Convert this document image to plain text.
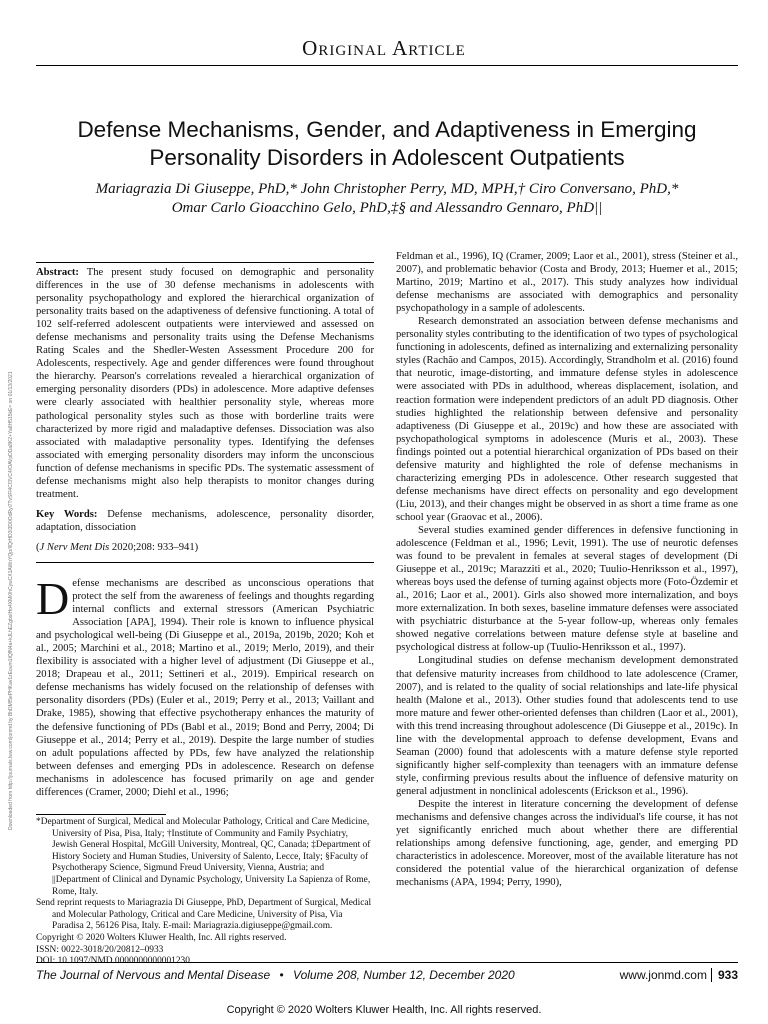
Original Article
Defense Mechanisms, Gender, and Adaptiveness in Emerging
Personality Disorders in Adolescent Outpatients
Mariagrazia Di Giuseppe, PhD,* John Christopher Perry, MD, MPH,† Ciro Conversano, PhD,*
Omar Carlo Gioacchino Gelo, PhD,‡§ and Alessandro Gennaro, PhD||
Downloaded from http://journals.lww.com/jonmd by BhDMf5ePHKav1zEoum1tQfN4a+kJLhEZgbsIHo4XMi0hCywCX1AWnYQp/IlQrHD3i3D0OdRyi7TvSFl4Cf3VC4/OAVpDDa8K2+Ya6H515kE= on 01/13/2021

Abstract: The present study focused on demographic and personality differences in the use of 30 defense mechanisms in adolescents with personality psychopathology and explored the hierarchical organization of personality traits based on the adaptiveness of defensive functioning. A total of 102 self-referred adolescent outpatients were interviewed and assessed on defense mechanisms and personality traits using the Defense Mechanisms Rating Scales and the Shedler-Westen Assessment Procedure 200 for Adolescents, respectively. Age and gender differences were found throughout the hierarchy. Pearson's correlations revealed a hierarchical organization of emerging personality disorders (PDs) in adolescence. More adaptive defenses were clearly associated with healthier personality style, whereas more pathological personality styles such as those with borderline traits were characterized by more rigid and maladaptive defenses. Dissociation was also associated with maladaptive personality types. Identifying the defenses associated with emerging personality disorders may inform the unconscious function of defense mechanisms in specific PDs. The systematic assessment of defense mechanisms might also help therapists to monitor changes during treatment.

Key Words: Defense mechanisms, adolescence, personality disorder, adaptation, dissociation

(J Nerv Ment Dis 2020;208: 933–941)

Defense mechanisms are described as unconscious operations that protect the self from the awareness of feelings and thoughts regarding internal conflicts and external stressors (American Psychiatric Association [APA], 1994). Their role is known to influence physical and psychological well-being (Di Giuseppe et al., 2019a, 2019b, 2020; Koh et al., 2005; Marchini et al., 2018; Martino et al., 2019; Merlo, 2019), and their flexibility is associated with a higher level of adjustment (Di Giuseppe et al., 2018; Drapeau et al., 2011; Settineri et al., 2019). Empirical research on defense mechanisms has widely focused on the relationship of defenses with personality disorders (PDs) (Euler et al., 2019; Perry et al., 2013; Vaillant and Drake, 1985), showing that effective psychotherapy enhances the maturity of the defensive functioning of PDs (Babl et al., 2019; Bond and Perry, 2004; Di Giuseppe et al., 2014; Perry et al., 2019). Despite the large number of studies on adult populations affected by PDs, few have analyzed the relationship between defenses and emerging PDs in adolescence. Research on defense mechanisms in adolescence has focused primarily on age and gender differences (Cramer, 2000; Diehl et al., 1996;

Feldman et al., 1996), IQ (Cramer, 2009; Laor et al., 2001), stress (Steiner et al., 2007), and problematic behavior (Costa and Brody, 2013; Huemer et al., 2015; Martino, 2019; Martino et al., 2017). This study analyzes how individual defense mechanisms are associated with demographics and personality psychopathology in a sample of adolescents.

Research demonstrated an association between defense mechanisms and personality styles contributing to the identification of two types of psychological functioning in adolescents, defined as internalizing and externalizing personality styles (Rachão and Campos, 2015). Accordingly, Strandholm et al. (2016) found that neurotic, image-distorting, and immature defense styles in adolescence were associated with PDs in adulthood, whereas displacement, isolation, and reaction formation were independent predictors of an adult PD diagnosis. Other studies highlighted the relationship between defensive and personality adaptiveness (Di Giuseppe et al., 2019c) and how these are associated with psychopathological symptoms in adolescence (Muris et al., 2003). These findings pointed out a potential hierarchical organization of PDs based on their defensive maturity and highlighted the role of defense mechanisms in characterizing emerging PDs in adolescence. Other research suggested that defense mechanisms have direct effects on personality and ego development (Liu, 2013), and their changes might be observed in as short a time frame as one school year (Graovac et al., 2006).

Several studies examined gender differences in defensive functioning in adolescence (Feldman et al., 1996; Levit, 1991). The use of neurotic defenses was found to be prevalent in females at several stages of development (Di Giuseppe et al., 2019c; Marazziti et al., 2020; Tuulio-Henriksson et al., 1997), whereas boys used the defense of turning against objects more (Foto-Özdemir et al., 2016; Laor et al., 2001). Girls also showed more internalization, and boys more externalization. In both sexes, baseline immature defenses were associated with psychiatric disturbance at the 5-year follow-up, whereas only females showed negative correlations between mature defense style at baseline and psychological distress at follow-up (Tuulio-Henriksson et al., 1997).

Longitudinal studies on defense mechanism development demonstrated that defensive maturity increases from childhood to late adolescence (Cramer, 2007), and is related to the quality of social relationships and late-life physical health (Malone et al., 2013). Other studies found that adolescents tend to use more mature and fewer other-oriented defenses than children (Laor et al., 2001), with this trend increasing throughout adolescence (Di Giuseppe et al., 2019c). In line with the developmental approach to defense development, Evans and Seaman (2000) found that adolescents with a mature defense style reported significantly higher self-complexity than teenagers with an immature defense style, confirming previous results about the influence of defensive maturity on general adjustment in nonclinical adolescents (Erickson et al., 1996).

Despite the interest in literature concerning the development of defense mechanisms and defensive changes across the individual's life course, it has not yet significantly enriched much about whether there are differential relationships among defensive functioning, age, gender, and emerging PD characteristics in adolescence. Moreover, most of the available literature has not considered the potential value of the hierarchical organization of defense mechanisms (APA, 1994; Perry, 1990),

*Department of Surgical, Medical and Molecular Pathology, Critical and Care Medicine, University of Pisa, Pisa, Italy; †Institute of Community and Family Psychiatry, Jewish General Hospital, McGill University, Montreal, QC, Canada; ‡Department of History Society and Human Studies, University of Salento, Lecce, Italy; §Faculty of Psychotherapy Science, Sigmund Freud University, Vienna, Austria; and ||Department of Clinical and Dynamic Psychology, University La Sapienza of Rome, Rome, Italy.

Send reprint requests to Mariagrazia Di Giuseppe, PhD, Department of Surgical, Medical and Molecular Pathology, Critical and Care Medicine, University of Pisa, Via Paradisa 2, 56126 Pisa, Italy. E-mail: Mariagrazia.digiuseppe@gmail.com.

Copyright © 2020 Wolters Kluwer Health, Inc. All rights reserved.

ISSN: 0022-3018/20/20812–0933

The Journal of Nervous and Mental Disease • Volume 208, Number 12, December 2020	www.jonmd.com 933
Copyright © 2020 Wolters Kluwer Health, Inc. All rights reserved.
